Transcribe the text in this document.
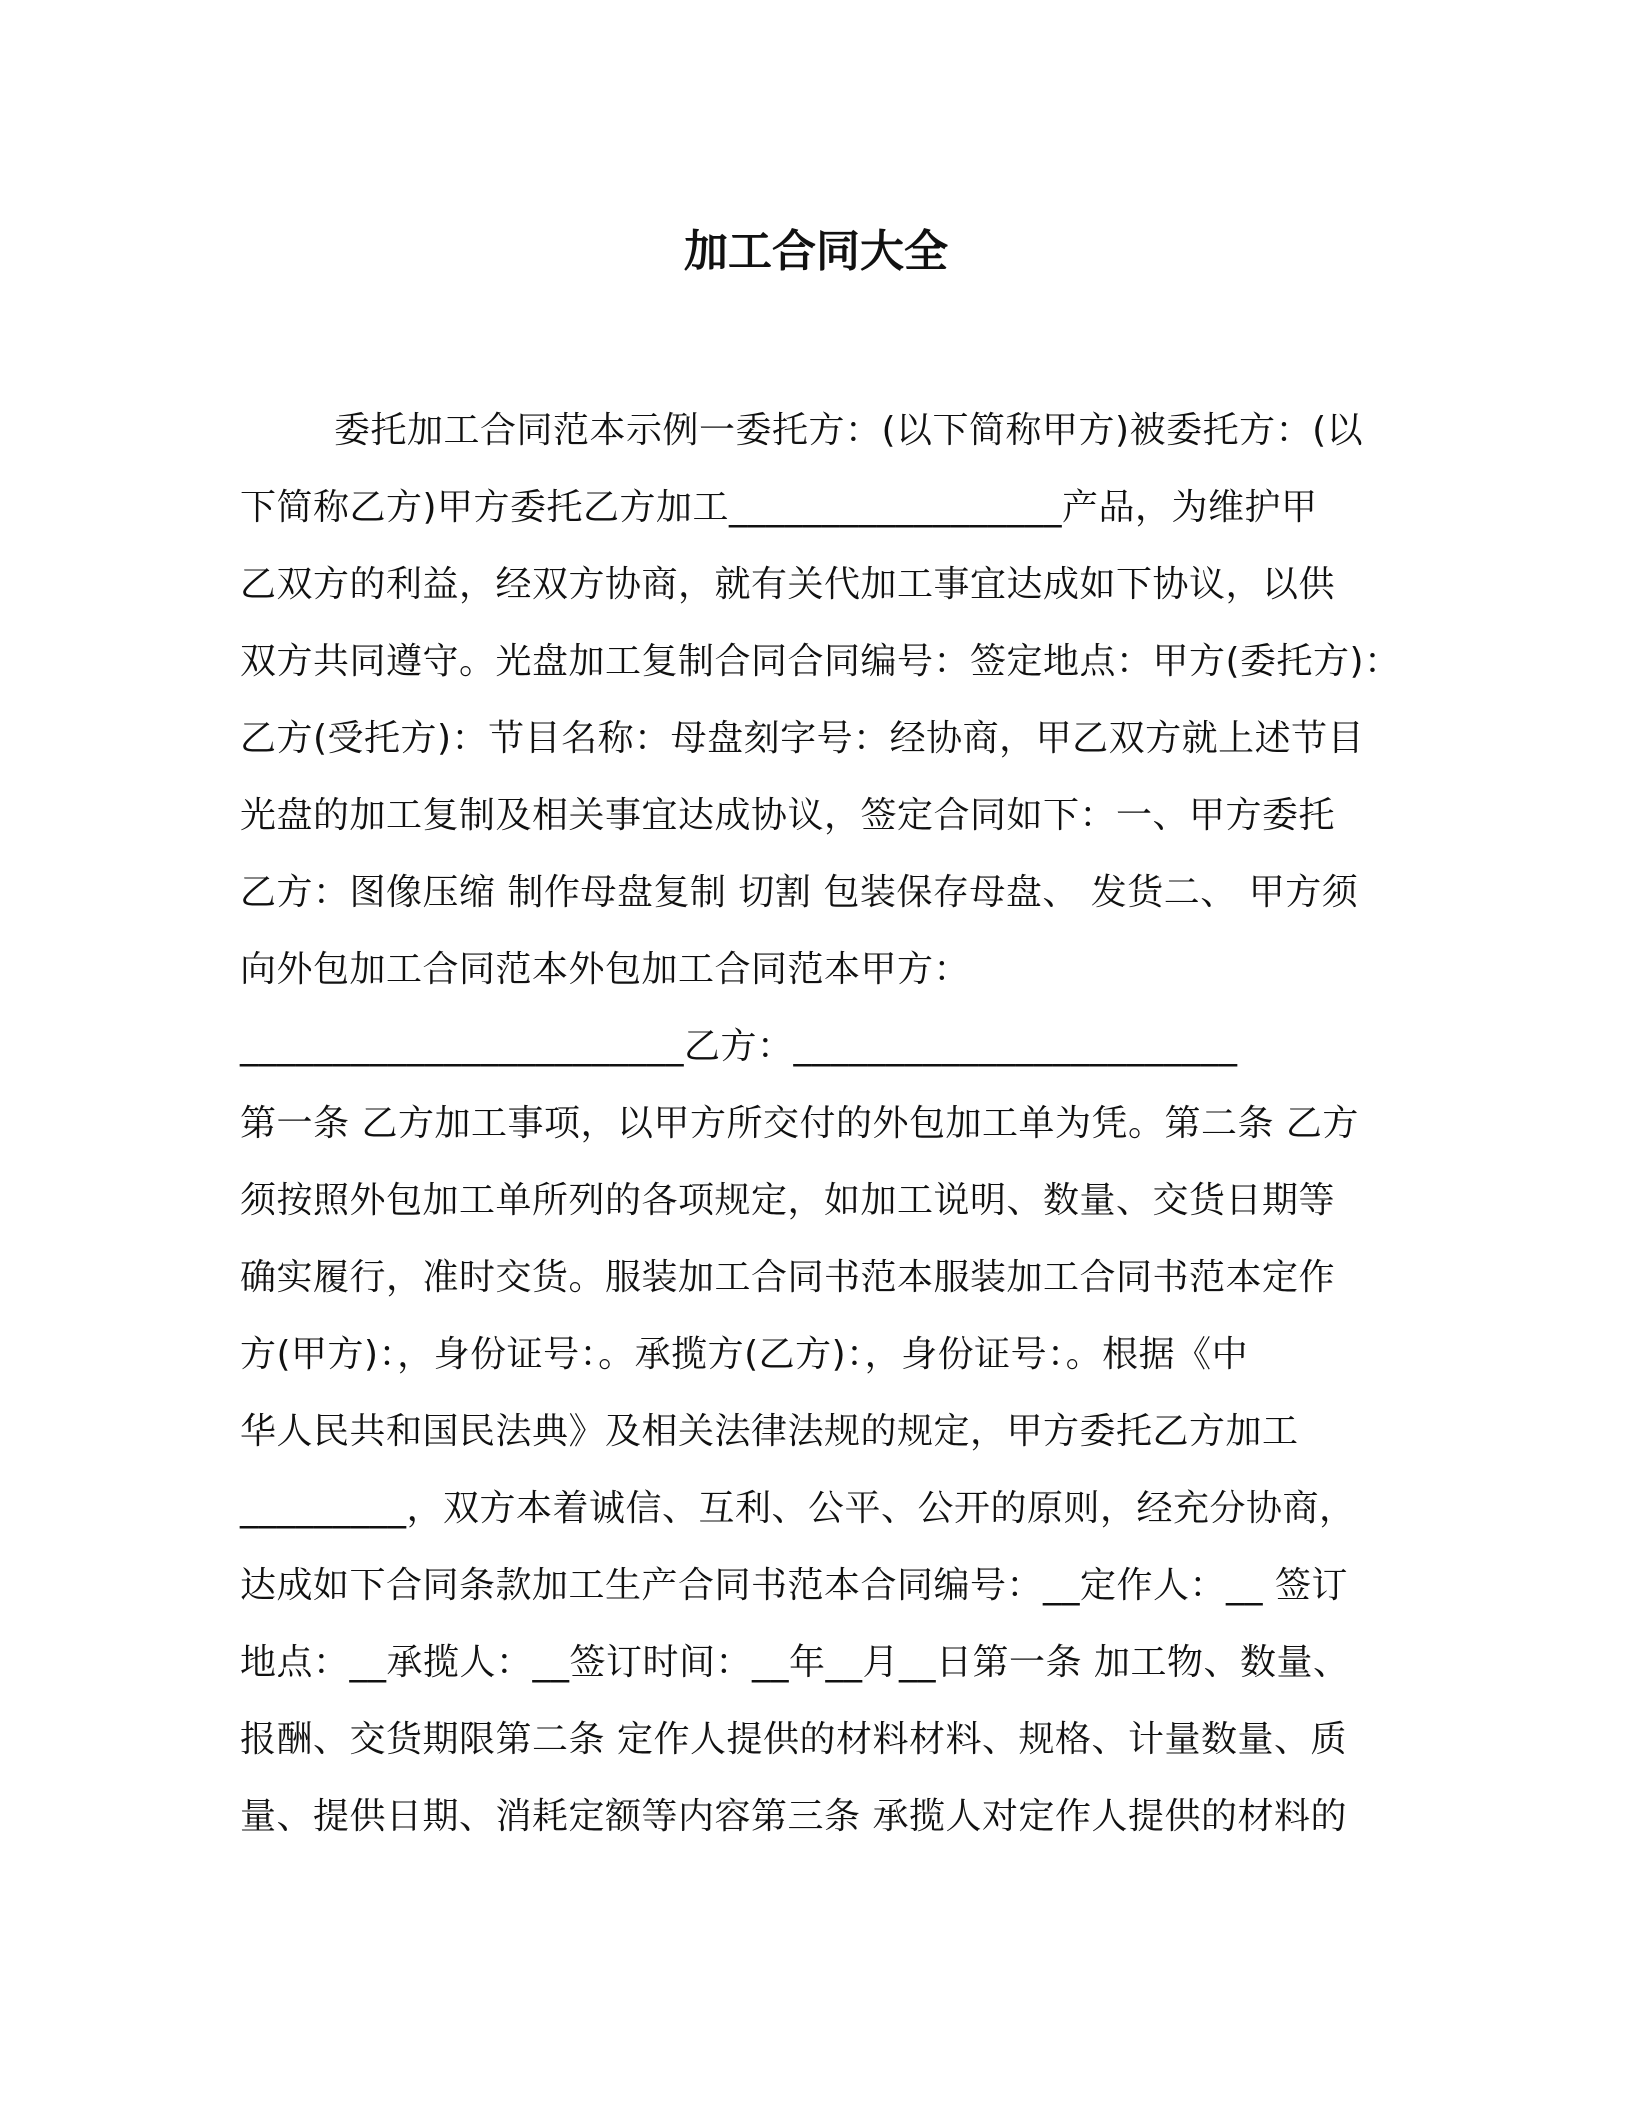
加工合同大全
委托加工合同范本示例一委托方：(以下简称甲方)被委托方：(以
下简称乙方)甲方委托乙方加工__________________产品，为维护甲
乙双方的利益，经双方协商，就有关代加工事宜达成如下协议，以供
双方共同遵守。光盘加工复制合同合同编号：签定地点：甲方(委托方)：
乙方(受托方)：节目名称：母盘刻字号：经协商，甲乙双方就上述节目
光盘的加工复制及相关事宜达成协议，签定合同如下：一、甲方委托
乙方：图像压缩 制作母盘复制 切割 包装保存母盘、 发货二、 甲方须
向外包加工合同范本外包加工合同范本甲方：
________________________乙方：________________________
第一条 乙方加工事项，以甲方所交付的外包加工单为凭。第二条 乙方
须按照外包加工单所列的各项规定，如加工说明、数量、交货日期等
确实履行，准时交货。服装加工合同书范本服装加工合同书范本定作
方(甲方)：，身份证号：。承揽方(乙方)：，身份证号：。根据《中
华人民共和国民法典》及相关法律法规的规定，甲方委托乙方加工
_________，双方本着诚信、互利、公平、公开的原则，经充分协商，
达成如下合同条款加工生产合同书范本合同编号：__定作人：__ 签订
地点：__承揽人：__签订时间：__年__月__日第一条 加工物、数量、
报酬、交货期限第二条 定作人提供的材料材料、规格、计量数量、质
量、提供日期、消耗定额等内容第三条 承揽人对定作人提供的材料的
